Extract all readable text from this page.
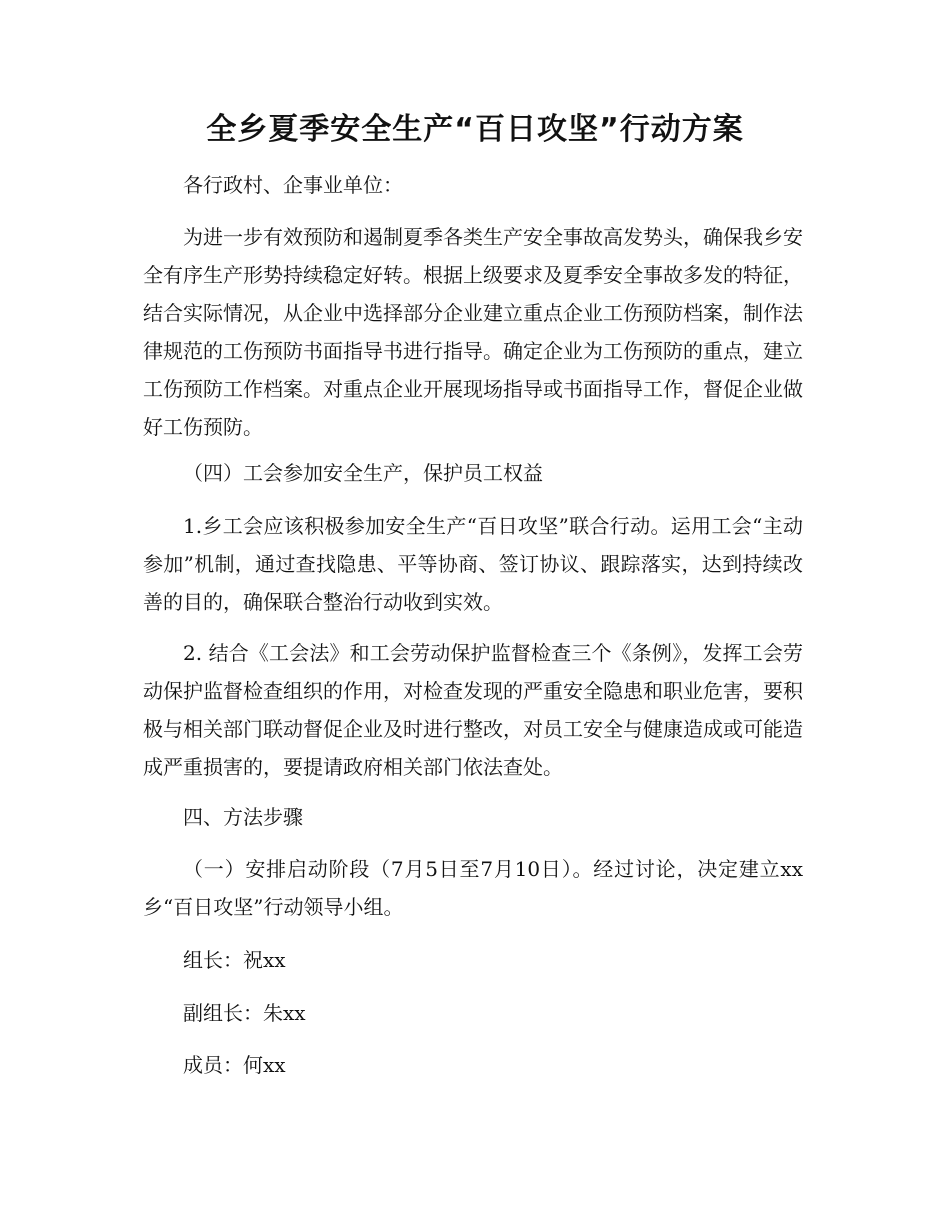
全乡夏季安全生产“百日攻坚”行动方案

各行政村、企事业单位：

为进一步有效预防和遏制夏季各类生产安全事故高发势头，确保我乡安全有序生产形势持续稳定好转。根据上级要求及夏季安全事故多发的特征，结合实际情况，从企业中选择部分企业建立重点企业工伤预防档案，制作法律规范的工伤预防书面指导书进行指导。确定企业为工伤预防的重点，建立工伤预防工作档案。对重点企业开展现场指导或书面指导工作，督促企业做好工伤预防。

（四）工会参加安全生产，保护员工权益

1.乡工会应该积极参加安全生产“百日攻坚”联合行动。运用工会“主动参加”机制，通过查找隐患、平等协商、签订协议、跟踪落实，达到持续改善的目的，确保联合整治行动收到实效。

2. 结合《工会法》和工会劳动保护监督检查三个《条例》，发挥工会劳动保护监督检查组织的作用，对检查发现的严重安全隐患和职业危害，要积极与相关部门联动督促企业及时进行整改，对员工安全与健康造成或可能造成严重损害的，要提请政府相关部门依法查处。

四、方法步骤

（一）安排启动阶段（7月5日至7月10日）。经过讨论，决定建立xx乡“百日攻坚”行动领导小组。

组长：祝xx

副组长：朱xx

成员：何xx
